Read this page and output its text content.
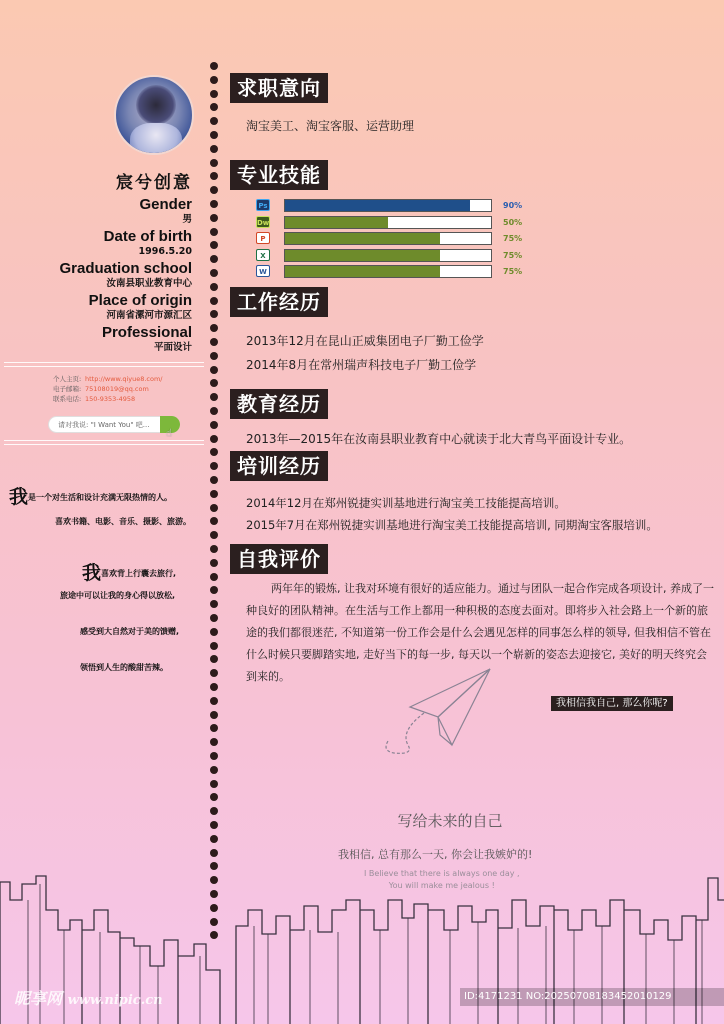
宸兮创意
Gender
男
Date of birth
1996.5.20
Graduation school
汝南县职业教育中心
Place of origin
河南省漯河市源汇区
Professional
平面设计
个人主页: http://www.qiyue8.com/
电子邮箱: 75108019@qq.com
联系电话: 150-9353-4958
请对我说: "I Want You" 吧...
☝

我是一个对生活和设计充满无限热情的人。

喜欢书籍、电影、音乐、摄影、旅游。

我喜欢背上行囊去旅行,

旅途中可以让我的身心得以放松,

感受到大自然对于美的馈赠,

领悟到人生的酸甜苦辣。

求职意向
淘宝美工、淘宝客服、运营助理
专业技能
Ps	90%
Dw	50%
P	75%
X	75%
W	75%
工作经历
2013年12月在昆山正威集团电子厂勤工俭学
2014年8月在常州瑞声科技电子厂勤工俭学
教育经历
2013年—2015年在汝南县职业教育中心就读于北大青鸟平面设计专业。
培训经历
2014年12月在郑州锐捷实训基地进行淘宝美工技能提高培训。
2015年7月在郑州锐捷实训基地进行淘宝美工技能提高培训, 同期淘宝客服培训。
自我评价
两年年的锻炼, 让我对环境有很好的适应能力。通过与团队一起合作完成各项设计, 养成了一种良好的团队精神。在生活与工作上都用一种积极的态度去面对。即将步入社会路上一个新的旅途的我们都很迷茫, 不知道第一份工作会是什么会遇见怎样的同事怎么样的领导, 但我相信不管在什么时候只要脚踏实地, 走好当下的每一步, 每天以一个崭新的姿态去迎接它, 美好的明天终究会到来的。
我相信我自己, 那么你呢?
写给未来的自己
我相信, 总有那么一天, 你会让我嫉妒的!
I Believe that there is always one day ,
You will make me jealous !
昵享网 www.nipic.cn	ID:4171231 NO:20250708183452010129
